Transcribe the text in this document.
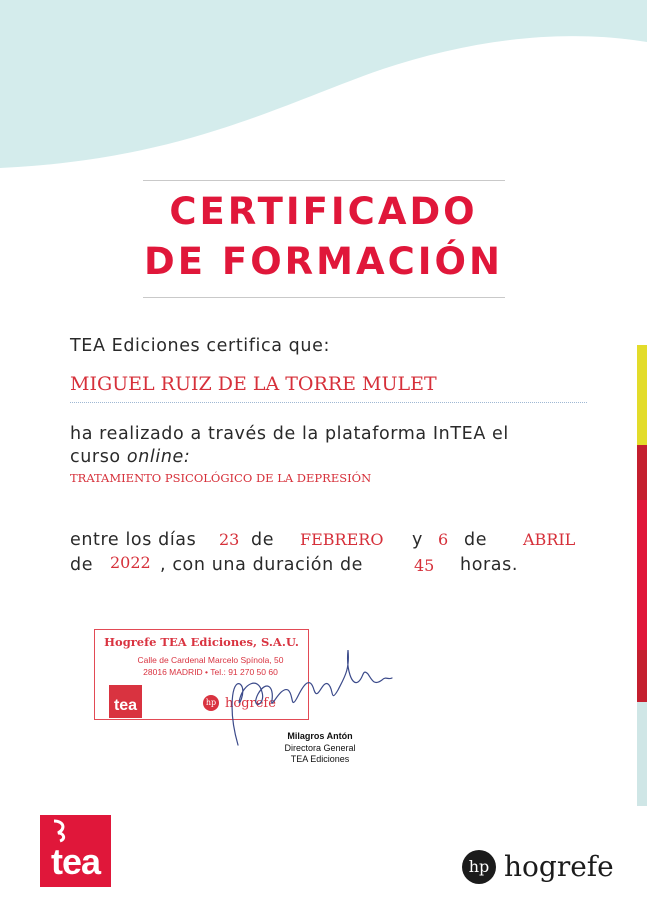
CERTIFICADO
DE FORMACIÓN
TEA Ediciones certifica que:
MIGUEL RUIZ DE LA TORRE MULET
ha realizado a través de la plataforma InTEA el
curso online:
TRATAMIENTO PSICOLÓGICO DE LA DEPRESIÓN
entre los días 23 de FEBRERO y 6 de ABRIL
de 2022 , con una duración de	45 horas.
Hogrefe TEA Ediciones, S.A.U.
Calle de Cardenal Marcelo Spínola, 50
28016 MADRID • Tel.: 91 270 50 60
tea	hp hogrefe
Milagros Antón
Directora General
TEA Ediciones
tea	hp hogrefe
